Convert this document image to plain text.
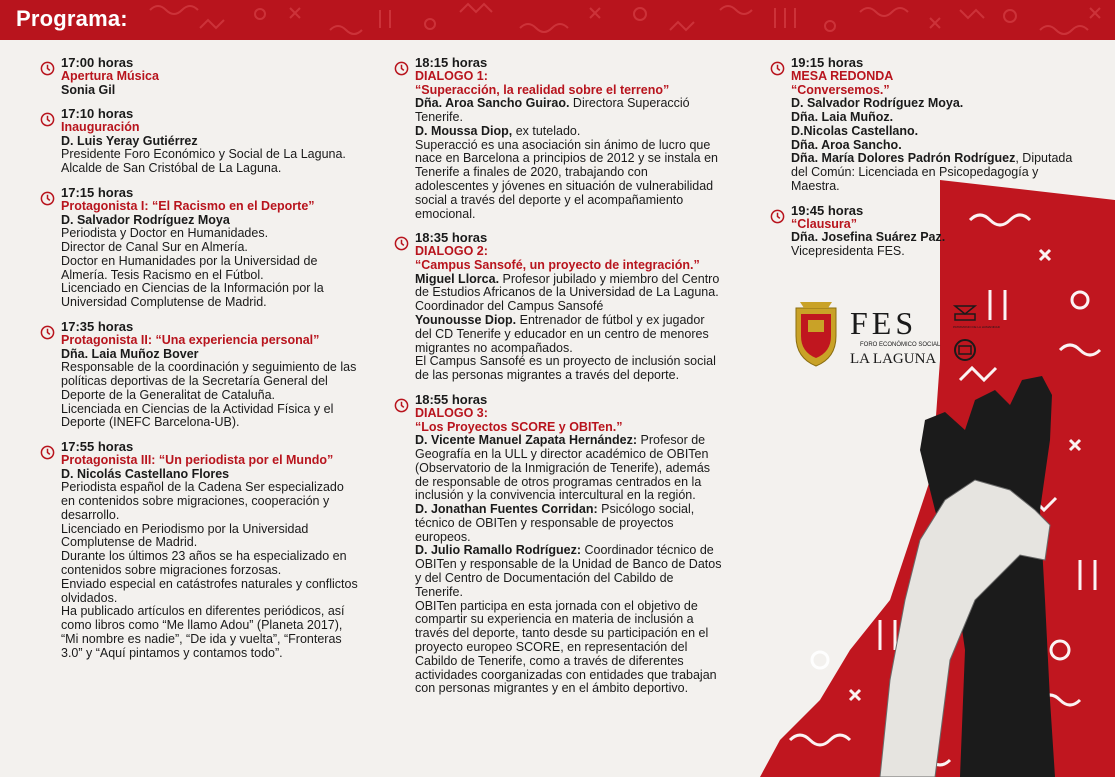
Programa:
FES
FORO ECONÓMICO SOCIAL
LA LAGUNA
PATRIMONIO DE LA HUMANIDAD
17:00 horas
Apertura Música
Sonia Gil
17:10 horas
Inauguración
D. Luis Yeray Gutiérrez

Presidente Foro Económico y Social de La Laguna.

Alcalde de San Cristóbal de La Laguna.

17:15 horas
Protagonista I: “El Racismo en el Deporte”
D. Salvador Rodríguez Moya

Periodista y Doctor en Humanidades.

Director de Canal Sur en Almería.

Doctor en Humanidades por la Universidad de Almería. Tesis Racismo en el Fútbol.

Licenciado en Ciencias de la Información por la Universidad Complutense de Madrid.

17:35 horas
Protagonista II: “Una experiencia personal”
Dña. Laia Muñoz Bover

Responsable de la coordinación y seguimiento de las políticas deportivas de la Secretaría General del Deporte de la Generalitat de Cataluña.

Licenciada en Ciencias de la Actividad Física y el Deporte (INEFC Barcelona-UB).

17:55 horas
Protagonista III: “Un periodista por el Mundo”
D. Nicolás Castellano Flores

Periodista español de la Cadena Ser especializado en contenidos sobre migraciones, cooperación y desarrollo.

Licenciado en Periodismo por la Universidad Complutense de Madrid.

Durante los últimos 23 años se ha especializado en contenidos sobre migraciones forzosas.

Enviado especial en catástrofes naturales y conflictos olvidados.

Ha publicado artículos en diferentes periódicos, así como libros como “Me llamo Adou” (Planeta 2017), “Mi nombre es nadie”, “De ida y vuelta”, “Fronteras 3.0” y “Aquí pintamos y contamos todo”.

18:15 horas
DIALOGO 1:
“Superacción, la realidad sobre el terreno”

Dña. Aroa Sancho Guirao. Directora Superacció Tenerife.

D. Moussa Diop, ex tutelado.

Superacció es una asociación sin ánimo de lucro que nace en Barcelona a principios de 2012 y se instala en Tenerife a finales de 2020, trabajando con adolescentes y jóvenes en situación de vulnerabilidad social a través del deporte y el acompañamiento emocional.

18:35 horas
DIALOGO 2:
“Campus Sansofé, un proyecto de integración.”

Miguel Llorca. Profesor jubilado y miembro del Centro de Estudios Africanos de la Universidad de La Laguna. Coordinador del Campus Sansofé

Younousse Diop. Entrenador de fútbol y ex jugador del CD Tenerife y educador en un centro de menores migrantes no acompañados.

El Campus Sansofé es un proyecto de inclusión social de las personas migrantes a través del deporte.

18:55 horas
DIALOGO 3:
“Los Proyectos SCORE y OBITen.”

D. Vicente Manuel Zapata Hernández: Profesor de Geografía en la ULL y director académico de OBITen (Observatorio de la Inmigración de Tenerife), además de responsable de otros programas centrados en la inclusión y la convivencia intercultural en la región.

D. Jonathan Fuentes Corridan: Psicólogo social, técnico de OBITen y responsable de proyectos europeos.

D. Julio Ramallo Rodríguez: Coordinador técnico de OBITen y responsable de la Unidad de Banco de Datos y del Centro de Documentación del Cabildo de Tenerife.

OBITen participa en esta jornada con el objetivo de compartir su experiencia en materia de inclusión a través del deporte, tanto desde su participación en el proyecto europeo SCORE, en representación del Cabildo de Tenerife, como a través de diferentes actividades coorganizadas con entidades que trabajan con personas migrantes y en el ámbito deportivo.

19:15 horas
MESA REDONDA
“Conversemos.”

D. Salvador Rodríguez Moya.

Dña. Laia Muñoz.

D.Nicolas Castellano.

Dña. Aroa Sancho.

Dña. María Dolores Padrón Rodríguez, Diputada del Común: Licenciada en Psicopedagogía y Maestra.

19:45 horas
“Clausura”

Dña. Josefina Suárez Paz.

Vicepresidenta FES.
